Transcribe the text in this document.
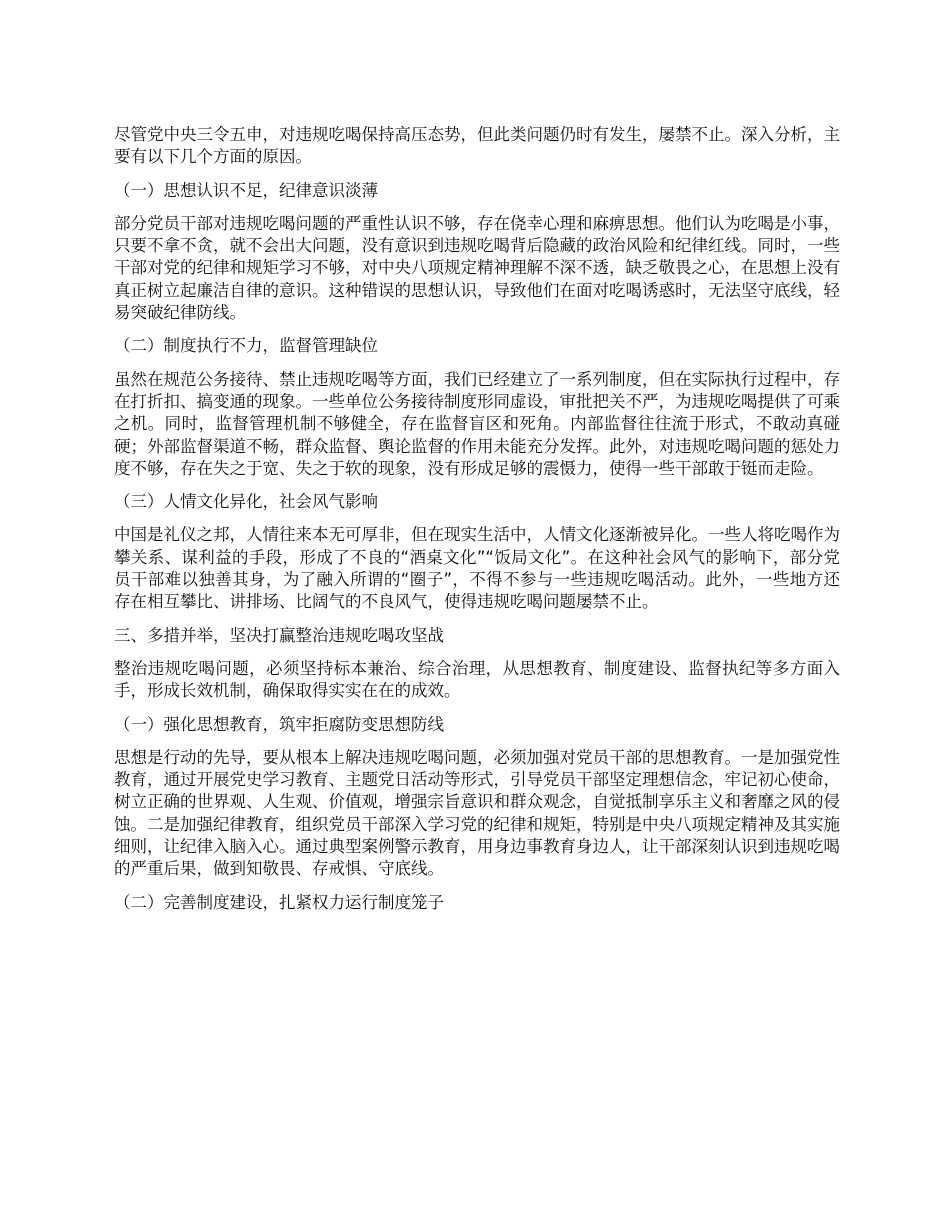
尽管党中央三令五申，对违规吃喝保持高压态势，但此类问题仍时有发生，屡禁不止。深入分析，主要有以下几个方面的原因。

（一）思想认识不足，纪律意识淡薄

部分党员干部对违规吃喝问题的严重性认识不够，存在侥幸心理和麻痹思想。他们认为吃喝是小事，只要不拿不贪，就不会出大问题，没有意识到违规吃喝背后隐藏的政治风险和纪律红线。同时，一些干部对党的纪律和规矩学习不够，对中央八项规定精神理解不深不透，缺乏敬畏之心，在思想上没有真正树立起廉洁自律的意识。这种错误的思想认识，导致他们在面对吃喝诱惑时，无法坚守底线，轻易突破纪律防线。

（二）制度执行不力，监督管理缺位

虽然在规范公务接待、禁止违规吃喝等方面，我们已经建立了一系列制度，但在实际执行过程中，存在打折扣、搞变通的现象。一些单位公务接待制度形同虚设，审批把关不严，为违规吃喝提供了可乘之机。同时，监督管理机制不够健全，存在监督盲区和死角。内部监督往往流于形式，不敢动真碰硬；外部监督渠道不畅，群众监督、舆论监督的作用未能充分发挥。此外，对违规吃喝问题的惩处力度不够，存在失之于宽、失之于软的现象，没有形成足够的震慑力，使得一些干部敢于铤而走险。

（三）人情文化异化，社会风气影响

中国是礼仪之邦，人情往来本无可厚非，但在现实生活中，人情文化逐渐被异化。一些人将吃喝作为攀关系、谋利益的手段，形成了不良的“酒桌文化”“饭局文化”。在这种社会风气的影响下，部分党员干部难以独善其身，为了融入所谓的“圈子”，不得不参与一些违规吃喝活动。此外，一些地方还存在相互攀比、讲排场、比阔气的不良风气，使得违规吃喝问题屡禁不止。

三、多措并举，坚决打赢整治违规吃喝攻坚战

整治违规吃喝问题，必须坚持标本兼治、综合治理，从思想教育、制度建设、监督执纪等多方面入手，形成长效机制，确保取得实实在在的成效。

（一）强化思想教育，筑牢拒腐防变思想防线

思想是行动的先导，要从根本上解决违规吃喝问题，必须加强对党员干部的思想教育。一是加强党性教育，通过开展党史学习教育、主题党日活动等形式，引导党员干部坚定理想信念，牢记初心使命，树立正确的世界观、人生观、价值观，增强宗旨意识和群众观念，自觉抵制享乐主义和奢靡之风的侵蚀。二是加强纪律教育，组织党员干部深入学习党的纪律和规矩，特别是中央八项规定精神及其实施细则，让纪律入脑入心。通过典型案例警示教育，用身边事教育身边人，让干部深刻认识到违规吃喝的严重后果，做到知敬畏、存戒惧、守底线。

（二）完善制度建设，扎紧权力运行制度笼子
